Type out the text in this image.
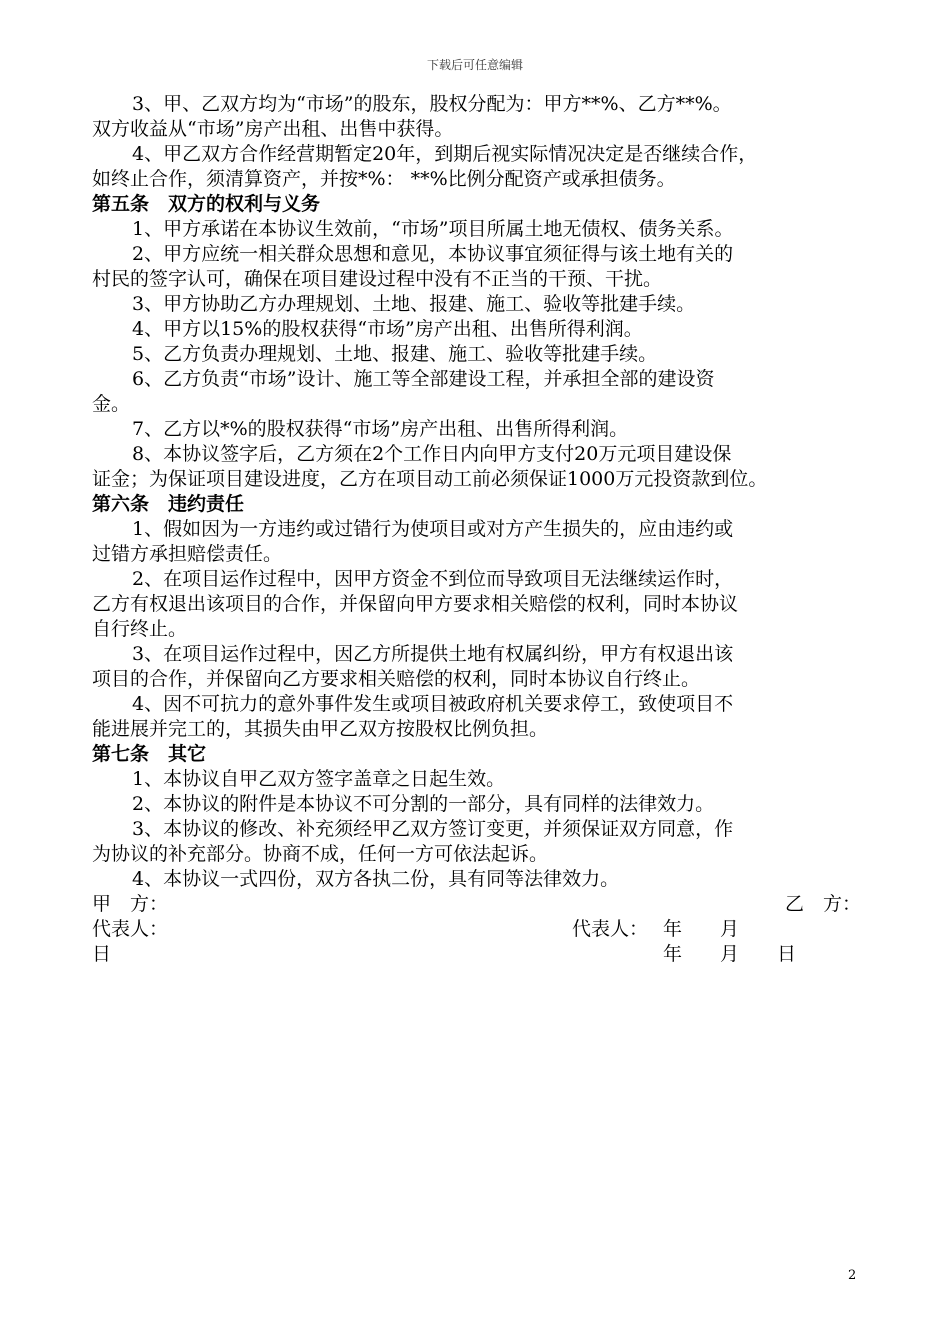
下载后可任意编辑
3、甲、乙双方均为“市场”的股东，股权分配为：甲方**%、乙方**%。
双方收益从“市场”房产出租、出售中获得。
4、甲乙双方合作经营期暂定20年，到期后视实际情况决定是否继续合作，
如终止合作，须清算资产，并按*%： **%比例分配资产或承担债务。
第五条　双方的权利与义务
1、甲方承诺在本协议生效前，“市场”项目所属土地无债权、债务关系。
2、甲方应统一相关群众思想和意见，本协议事宜须征得与该土地有关的
村民的签字认可，确保在项目建设过程中没有不正当的干预、干扰。
3、甲方协助乙方办理规划、土地、报建、施工、验收等批建手续。
4、甲方以15%的股权获得“市场”房产出租、出售所得利润。
5、乙方负责办理规划、土地、报建、施工、验收等批建手续。
6、乙方负责“市场”设计、施工等全部建设工程，并承担全部的建设资
金。
7、乙方以*%的股权获得“市场”房产出租、出售所得利润。
8、本协议签字后，乙方须在2个工作日内向甲方支付20万元项目建设保
证金；为保证项目建设进度，乙方在项目动工前必须保证1000万元投资款到位。
第六条　违约责任
1、假如因为一方违约或过错行为使项目或对方产生损失的，应由违约或
过错方承担赔偿责任。
2、在项目运作过程中，因甲方资金不到位而导致项目无法继续运作时，
乙方有权退出该项目的合作，并保留向甲方要求相关赔偿的权利，同时本协议
自行终止。
3、在项目运作过程中，因乙方所提供土地有权属纠纷，甲方有权退出该
项目的合作，并保留向乙方要求相关赔偿的权利，同时本协议自行终止。
4、因不可抗力的意外事件发生或项目被政府机关要求停工，致使项目不
能进展并完工的，其损失由甲乙双方按股权比例负担。
第七条　其它
1、本协议自甲乙双方签字盖章之日起生效。
2、本协议的附件是本协议不可分割的一部分，具有同样的法律效力。
3、本协议的修改、补充须经甲乙双方签订变更，并须保证双方同意，作
为协议的补充部分。协商不成，任何一方可依法起诉。
4、本协议一式四份，双方各执二份，具有同等法律效力。
甲　方：	乙　方：
代表人：	代表人： 年　　月
日	年　　月　　日
2
